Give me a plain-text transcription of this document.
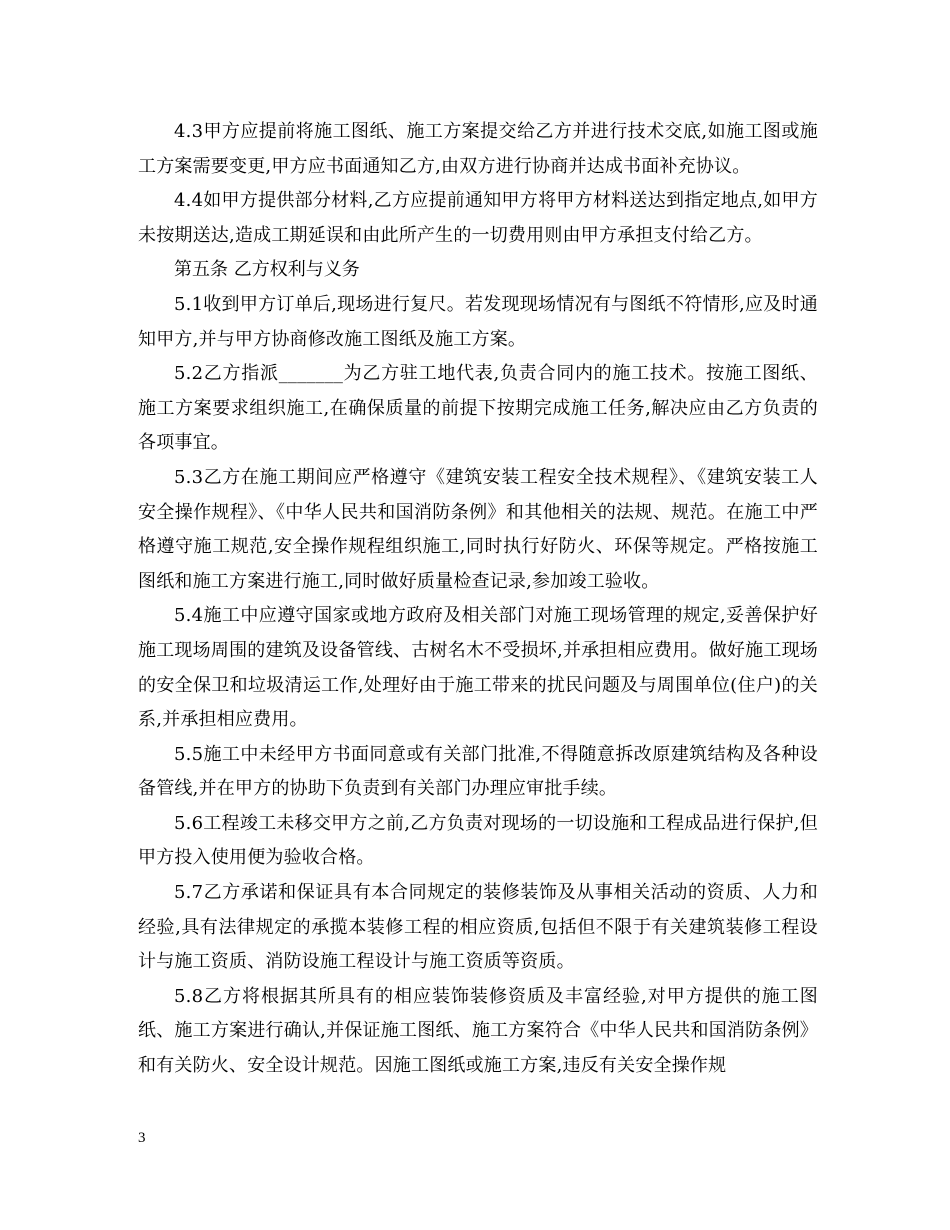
4.3甲方应提前将施工图纸、施工方案提交给乙方并进行技术交底,如施工图或施工方案需要变更,甲方应书面通知乙方,由双方进行协商并达成书面补充协议。

4.4如甲方提供部分材料,乙方应提前通知甲方将甲方材料送达到指定地点,如甲方未按期送达,造成工期延误和由此所产生的一切费用则由甲方承担支付给乙方。

第五条 乙方权利与义务

5.1收到甲方订单后,现场进行复尺。若发现现场情况有与图纸不符情形,应及时通知甲方,并与甲方协商修改施工图纸及施工方案。

5.2乙方指派_______为乙方驻工地代表,负责合同内的施工技术。按施工图纸、施工方案要求组织施工,在确保质量的前提下按期完成施工任务,解决应由乙方负责的各项事宜。

5.3乙方在施工期间应严格遵守《建筑安装工程安全技术规程》、《建筑安装工人安全操作规程》、《中华人民共和国消防条例》和其他相关的法规、规范。在施工中严格遵守施工规范,安全操作规程组织施工,同时执行好防火、环保等规定。严格按施工图纸和施工方案进行施工,同时做好质量检查记录,参加竣工验收。

5.4施工中应遵守国家或地方政府及相关部门对施工现场管理的规定,妥善保护好施工现场周围的建筑及设备管线、古树名木不受损坏,并承担相应费用。做好施工现场的安全保卫和垃圾清运工作,处理好由于施工带来的扰民问题及与周围单位(住户)的关系,并承担相应费用。

5.5施工中未经甲方书面同意或有关部门批准,不得随意拆改原建筑结构及各种设备管线,并在甲方的协助下负责到有关部门办理应审批手续。

5.6工程竣工未移交甲方之前,乙方负责对现场的一切设施和工程成品进行保护,但甲方投入使用便为验收合格。

5.7乙方承诺和保证具有本合同规定的装修装饰及从事相关活动的资质、人力和经验,具有法律规定的承揽本装修工程的相应资质,包括但不限于有关建筑装修工程设计与施工资质、消防设施工程设计与施工资质等资质。

5.8乙方将根据其所具有的相应装饰装修资质及丰富经验,对甲方提供的施工图纸、施工方案进行确认,并保证施工图纸、施工方案符合《中华人民共和国消防条例》和有关防火、安全设计规范。因施工图纸或施工方案,违反有关安全操作规

3
